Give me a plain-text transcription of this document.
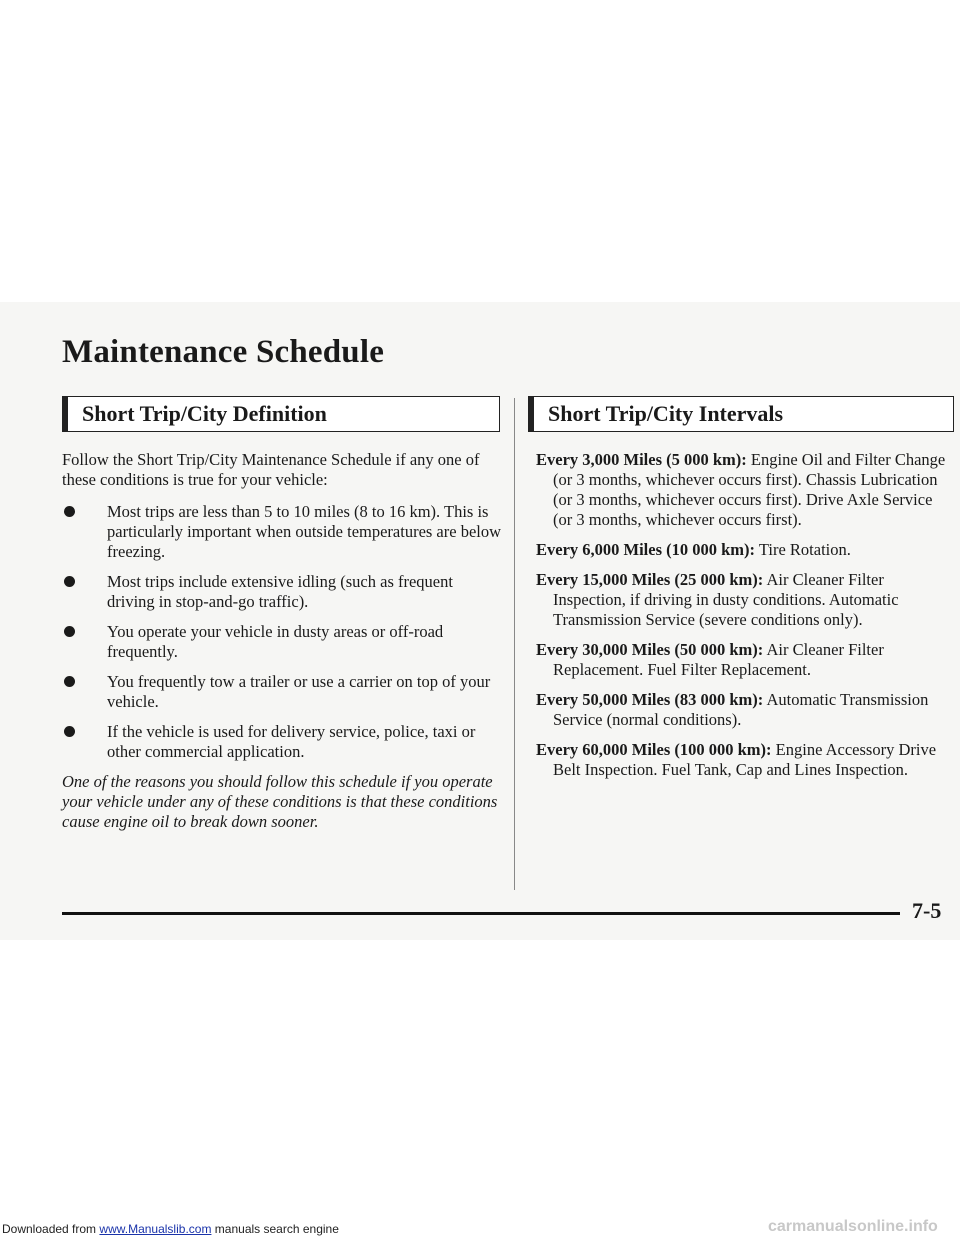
Maintenance Schedule
Short Trip/City Definition

Follow the Short Trip/City Maintenance Schedule if any one of these conditions is true for your vehicle:

Most trips are less than 5 to 10 miles (8 to 16 km). This is particularly important when outside temperatures are below freezing.
Most trips include extensive idling (such as frequent driving in stop-and-go traffic).
You operate your vehicle in dusty areas or off-road frequently.
You frequently tow a trailer or use a carrier on top of your vehicle.
If the vehicle is used for delivery service, police, taxi or other commercial application.

One of the reasons you should follow this schedule if you operate your vehicle under any of these conditions is that these conditions cause engine oil to break down sooner.

Short Trip/City Intervals

Every 3,000 Miles (5 000 km): Engine Oil and Filter Change (or 3 months, whichever occurs first). Chassis Lubrication (or 3 months, whichever occurs first). Drive Axle Service (or 3 months, whichever occurs first).

Every 6,000 Miles (10 000 km): Tire Rotation.

Every 15,000 Miles (25 000 km): Air Cleaner Filter Inspection, if driving in dusty conditions. Automatic Transmission Service (severe conditions only).

Every 30,000 Miles (50 000 km): Air Cleaner Filter Replacement. Fuel Filter Replacement.

Every 50,000 Miles (83 000 km): Automatic Transmission Service (normal conditions).

Every 60,000 Miles (100 000 km): Engine Accessory Drive Belt Inspection. Fuel Tank, Cap and Lines Inspection.

7-5
Downloaded from www.Manualslib.com manuals search engine	carmanualsonline.info
